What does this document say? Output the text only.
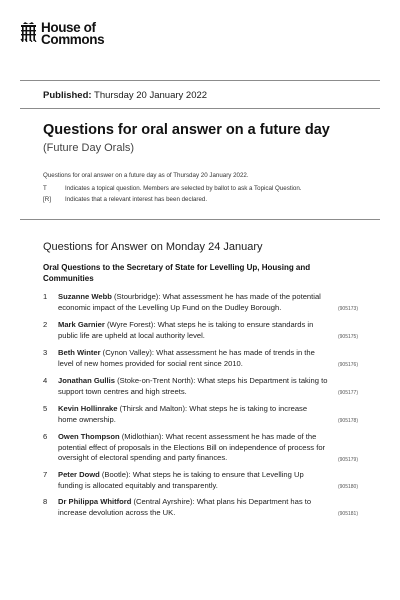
House of
Commons
Published: Thursday 20 January 2022
Questions for oral answer on a future day
(Future Day Orals)
Questions for oral answer on a future day as of Thursday 20 January 2022.
T	Indicates a topical question. Members are selected by ballot to ask a Topical Question.
[R]	Indicates that a relevant interest has been declared.
Questions for Answer on Monday 24 January
Oral Questions to the Secretary of State for Levelling Up, Housing and Communities
1 Suzanne Webb (Stourbridge): What assessment he has made of the potential economic impact of the Levelling Up Fund on the Dudley Borough.	(905173)
2 Mark Garnier (Wyre Forest): What steps he is taking to ensure standards in public life are upheld at local authority level.	(905175)
3 Beth Winter (Cynon Valley): What assessment he has made of trends in the level of new homes provided for social rent since 2010.	(905176)
4 Jonathan Gullis (Stoke-on-Trent North): What steps his Department is taking to support town centres and high streets.	(905177)
5 Kevin Hollinrake (Thirsk and Malton): What steps he is taking to increase home ownership.	(905178)
6 Owen Thompson (Midlothian): What recent assessment he has made of the potential effect of proposals in the Elections Bill on independence of process for oversight of electoral spending and party finances.	(905179)
7 Peter Dowd (Bootle): What steps he is taking to ensure that Levelling Up funding is allocated equitably and transparently.	(905180)
8 Dr Philippa Whitford (Central Ayrshire): What plans his Department has to increase devolution across the UK.	(905181)
